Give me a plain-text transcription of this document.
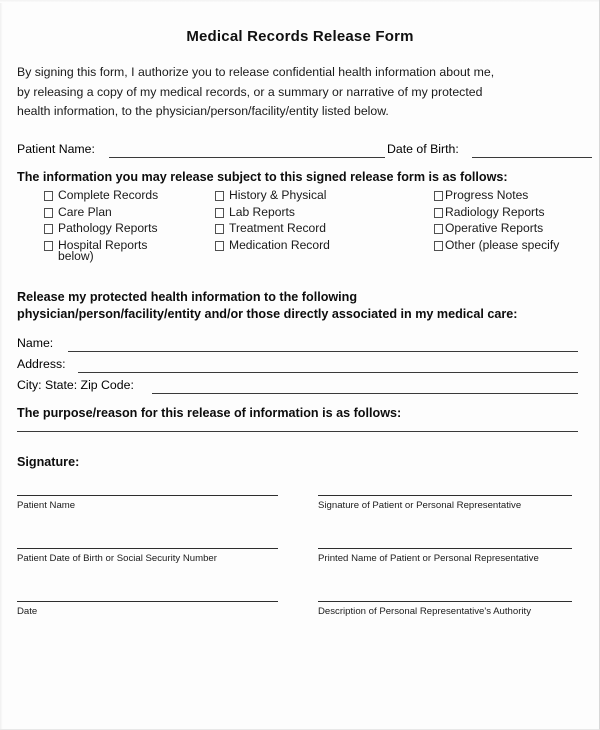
Medical Records Release Form
By signing this form, I authorize you to release confidential health information about me,
by releasing a copy of my medical records, or a summary or narrative of my protected
health information, to the physician/person/facility/entity listed below.
Patient Name:	Date of Birth:
The information you may release subject to this signed release form is as follows:
Complete Records
Care Plan
Pathology Reports
Hospital Reports
History & Physical
Lab Reports
Treatment Record
Medication Record
Progress Notes
Radiology Reports
Operative Reports
Other (please specify
below)
Release my protected health information to the following
physician/person/facility/entity and/or those directly associated in my medical care:
Name:
Address:
City: State: Zip Code:
The purpose/reason for this release of information is as follows:
Signature:
Patient Name	Signature of Patient or Personal Representative
Patient Date of Birth or Social Security Number	Printed Name of Patient or Personal Representative
Date	Description of Personal Representative's Authority
